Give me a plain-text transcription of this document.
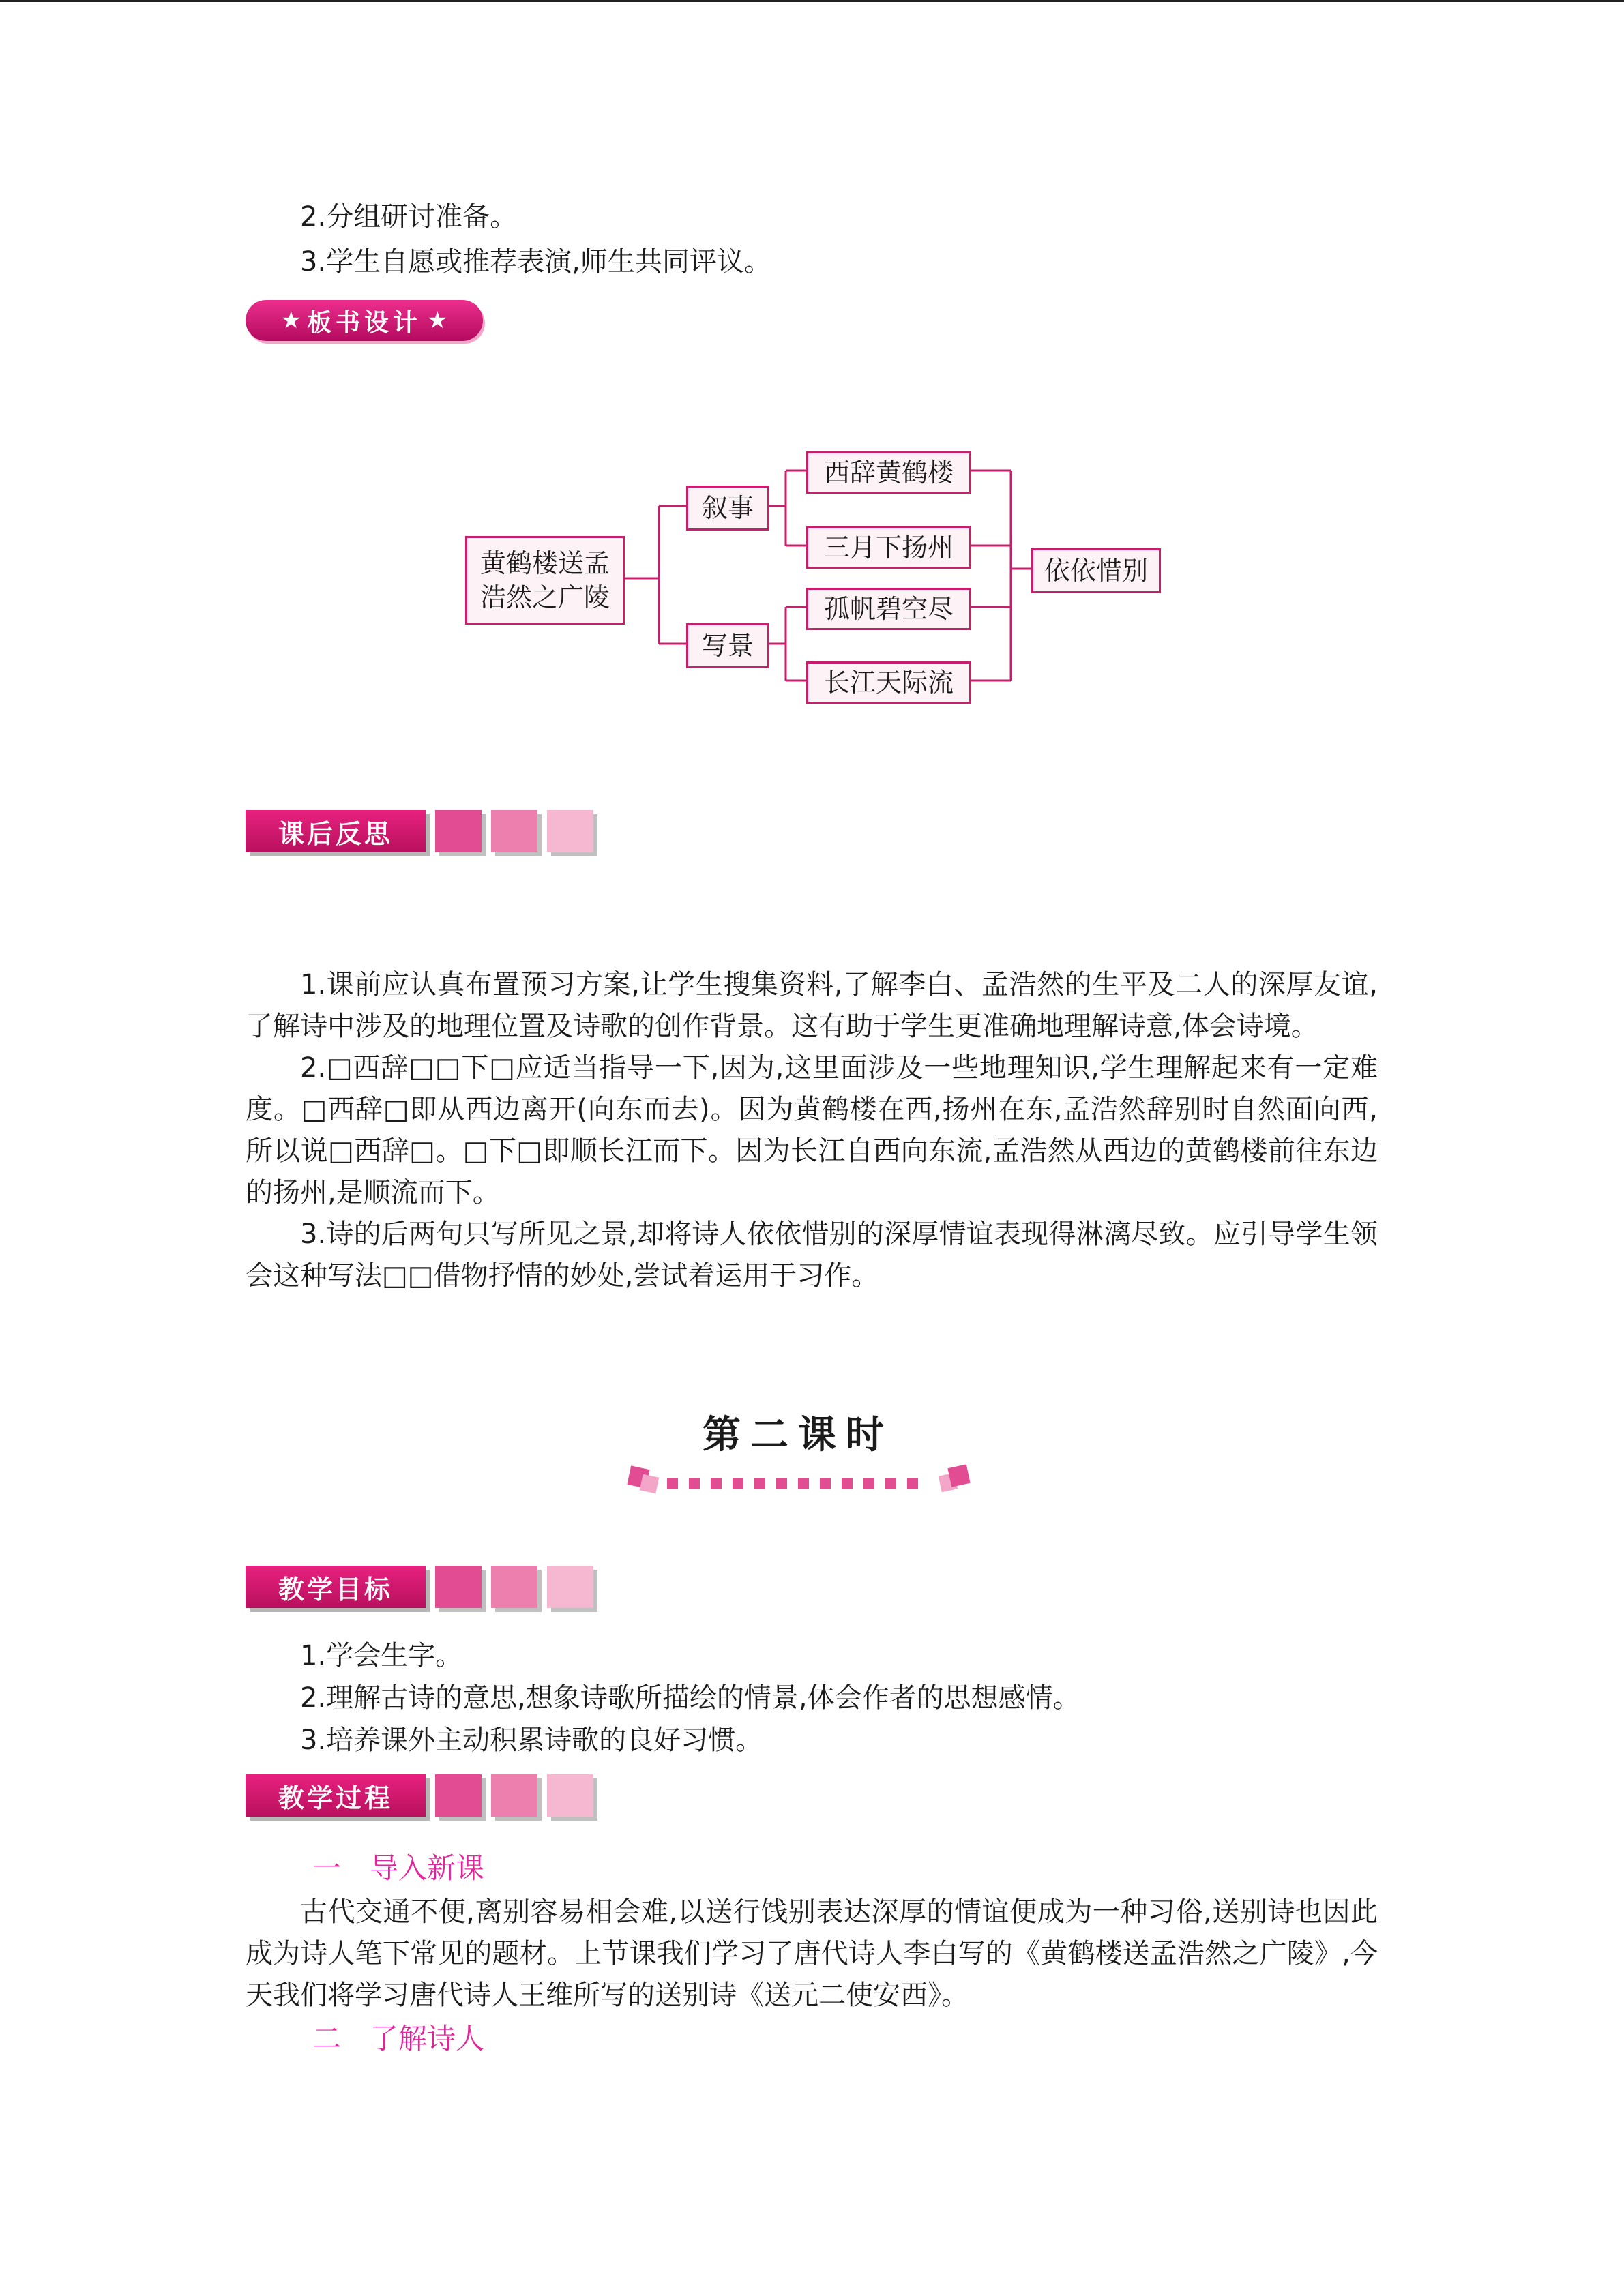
2.分组研讨准备。
3.学生自愿或推荐表演,师生共同评议。
★ 板书设计 ★
黄鹤楼送孟
浩然之广陵
叙事
写景
西辞黄鹤楼
三月下扬州
孤帆碧空尽
长江天际流
依依惜别
课后反思

1.课前应认真布置预习方案,让学生搜集资料,了解李白、孟浩然的生平及二人的深厚友谊,了解诗中涉及的地理位置及诗歌的创作背景。这有助于学生更准确地理解诗意,体会诗境。

2.□西辞□□下□应适当指导一下,因为,这里面涉及一些地理知识,学生理解起来有一定难度。□西辞□即从西边离开(向东而去)。因为黄鹤楼在西,扬州在东,孟浩然辞别时自然面向西,所以说□西辞□。□下□即顺长江而下。因为长江自西向东流,孟浩然从西边的黄鹤楼前往东边的扬州,是顺流而下。

3.诗的后两句只写所见之景,却将诗人依依惜别的深厚情谊表现得淋漓尽致。应引导学生领会这种写法□□借物抒情的妙处,尝试着运用于习作。

第二课时
教学目标
1.学会生字。
2.理解古诗的意思,想象诗歌所描绘的情景,体会作者的思想感情。
3.培养课外主动积累诗歌的良好习惯。
教学过程
一 导入新课

古代交通不便,离别容易相会难,以送行饯别表达深厚的情谊便成为一种习俗,送别诗也因此成为诗人笔下常见的题材。上节课我们学习了唐代诗人李白写的《黄鹤楼送孟浩然之广陵》,今天我们将学习唐代诗人王维所写的送别诗《送元二使安西》。

二 了解诗人
